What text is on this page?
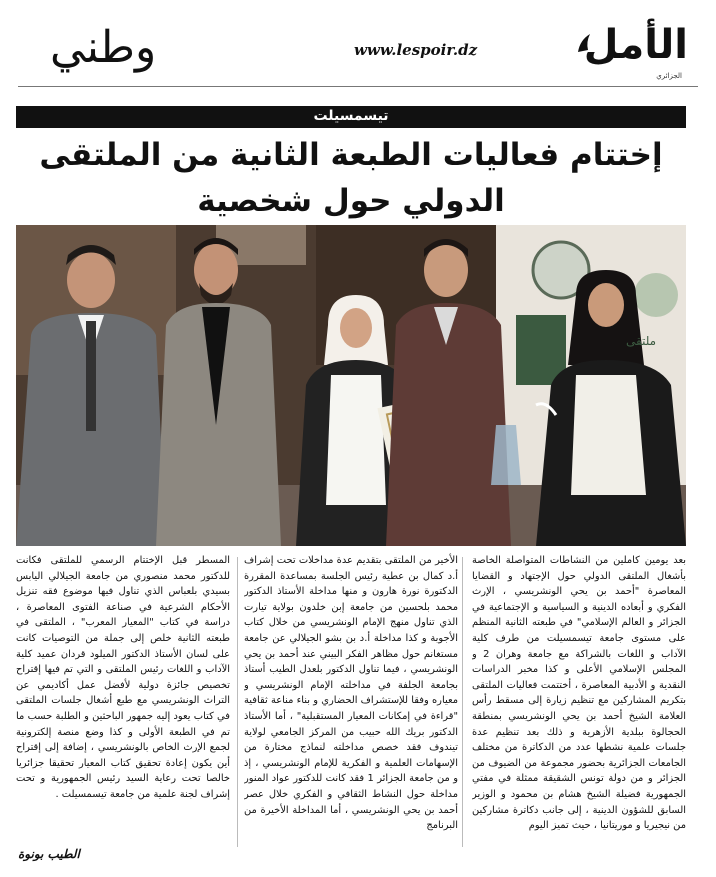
وطني	www.lespoir.dz	الأمل
الجزائري
تيسمسيلت
إختتام فعاليات الطبعة الثانية من الملتقى الدولي حول شخصية
ملتقى
بعد يومين كاملين من النشاطات المتواصلة الخاصة بأشغال الملتقى الدولي حول الإجتهاد و القضايا المعاصرة "أحمد بن يحي الونشريسي ، الإرث الفكري و أبعاده الدينية و السياسية و الإجتماعية في الجزائر و العالم الإسلامي" في طبعته الثانية المنظم على مستوى جامعة تيسمسيلت من طرف كلية الآداب و اللغات بالشراكة مع جامعة وهران 2 و المجلس الإسلامي الأعلى و كذا مخبر الدراسات النقدية و الأدبية المعاصرة ، أختتمت فعاليات الملتقى بتكريم المشاركين مع تنظيم زيارة إلى مسقط رأس العلامة الشيخ أحمد بن يحي الونشريسي بمنطقة الحجالوة ببلدية الأزهرية و ذلك بعد تنظيم عدة جلسات علمية نشطها عدد من الدكاترة من مختلف الجامعات الجزائرية بحضور مجموعة من الضيوف من الجزائر و من دولة تونس الشقيقة ممثلة في مفتي الجمهورية فضيلة الشيخ هشام بن محمود و الوزير السابق للشؤون الدينية ، إلى جانب دكاترة مشاركين من نيجيريا و موريتانيا ، حيث تميز اليوم
الأخير من الملتقى بتقديم عدة مداخلات تحت إشراف أ.د كمال بن عطية رئيس الجلسة بمساعدة المقررة الدكتورة نورة هارون و منها مداخلة الأستاذ الدكتور محمد بلحسين من جامعة إبن خلدون بولاية تيارت الذي تناول منهج الإمام الونشريسي من خلال كتاب الأجوبة و كذا مداخلة أ.د بن بشو الجيلالي عن جامعة مستغانم حول مظاهر الفكر البيني عند أحمد بن يحي الونشريسي ، فيما تناول الدكتور بلعدل الطيب أستاذ بجامعة الجلفة في مداخلته الإمام الونشريسي و معياره وفقا للإستشراف الحضاري و بناء مناعة ثقافية "قراءة في إمكانات المعيار المستقبلية" ، أما الأستاذ الدكتور بريك الله حبيب من المركز الجامعي لولاية تيندوف فقد خصص مداخلته لنماذج مختارة من الإسهامات العلمية و الفكرية للإمام الونشريسي ، إذ و من جامعة الجزائر 1 فقد كانت للدكتور عواد المنور مداخلة حول النشاط الثقافي و الفكري خلال عصر أحمد بن يحي الونشريسي ، أما المداخلة الأخيرة من البرنامج
المسطر قبل الإختتام الرسمي للملتقى فكانت للدكتور محمد منصوري من جامعة الجيلالي اليابس بسيدي بلعباس الذي تناول فيها موضوع فقه تنزيل الأحكام الشرعية في صناعة الفتوى المعاصرة ، دراسة في كتاب "المعيار المعرب" ، الملتقى في طبعته الثانية خلص إلى جملة من التوصيات كانت على لسان الأستاذ الدكتور الميلود قردان عميد كلية الآداب و اللغات رئيس الملتقى و التي تم فيها إقتراح تخصيص جائزة دولية لأفضل عمل أكاديمي عن التراث الونشريسي مع طبع أشغال جلسات الملتقى في كتاب يعود إليه جمهور الباحثين و الطلبة حسب ما تم في الطبعة الأولى و كذا وضع منصة إلكترونية لجمع الإرث الخاص بالونشريسي ، إضافة إلى إقتراح أين يكون إعادة تحقيق كتاب المعيار تحقيقا جزائريا خالصا تحت رعاية السيد رئيس الجمهورية و تحت إشراف لجنة علمية من جامعة تيسمسيلت .
الطيب بونوة
